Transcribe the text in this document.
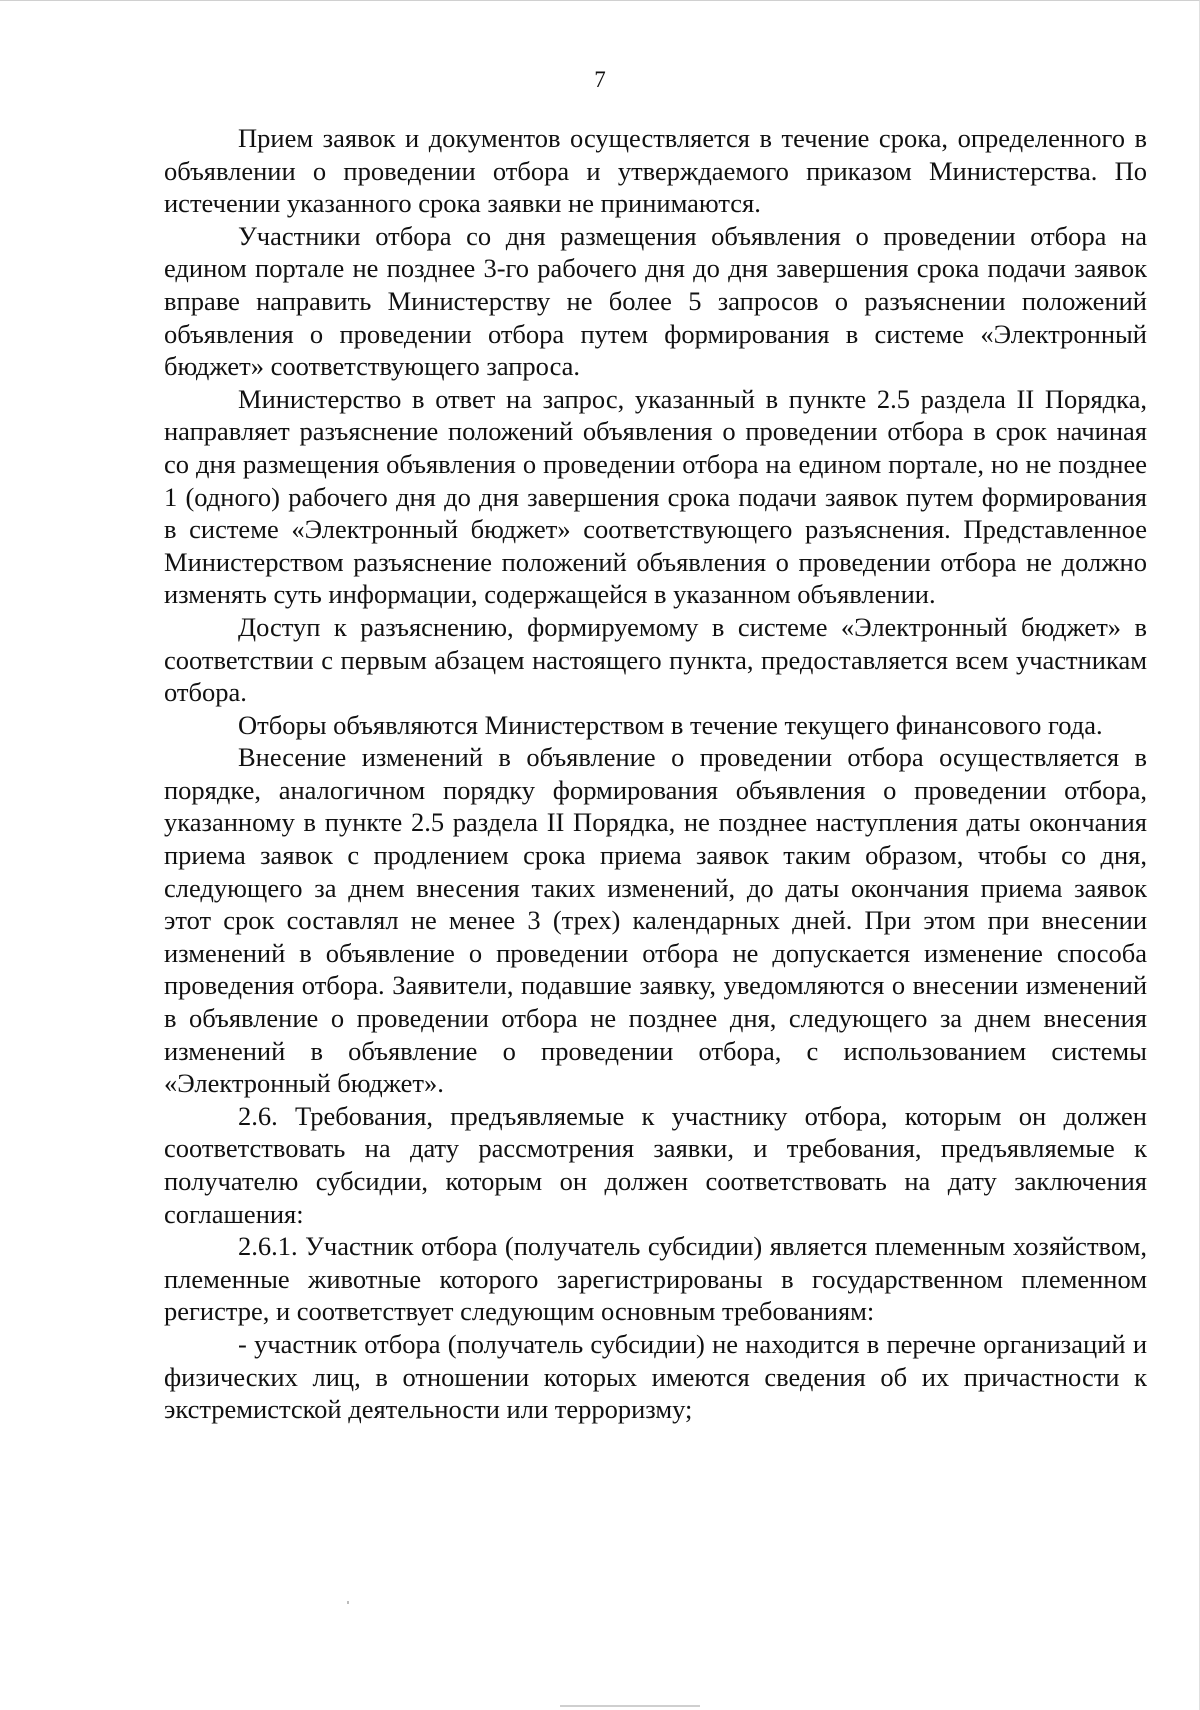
7

Прием заявок и документов осуществляется в течение срока, определенного в объявлении о проведении отбора и утверждаемого приказом Министерства. По истечении указанного срока заявки не принимаются.

Участники отбора со дня размещения объявления о проведении отбора на едином портале не позднее 3-го рабочего дня до дня завершения срока подачи заявок вправе направить Министерству не более 5 запросов о разъяснении положений объявления о проведении отбора путем формирования в системе «Электронный бюджет» соответствующего запроса.

Министерство в ответ на запрос, указанный в пункте 2.5 раздела II Порядка, направляет разъяснение положений объявления о проведении отбора в срок начиная со дня размещения объявления о проведении отбора на едином портале, но не позднее 1 (одного) рабочего дня до дня завершения срока подачи заявок путем формирования в системе «Электронный бюджет» соответствующего разъяснения. Представленное Министерством разъяснение положений объявления о проведении отбора не должно изменять суть информации, содержащейся в указанном объявлении.

Доступ к разъяснению, формируемому в системе «Электронный бюджет» в соответствии с первым абзацем настоящего пункта, предоставляется всем участникам отбора.

Отборы объявляются Министерством в течение текущего финансового года.

Внесение изменений в объявление о проведении отбора осуществляется в порядке, аналогичном порядку формирования объявления о проведении отбора, указанному в пункте 2.5 раздела II Порядка, не позднее наступления даты окончания приема заявок с продлением срока приема заявок таким образом, чтобы со дня, следующего за днем внесения таких изменений, до даты окончания приема заявок этот срок составлял не менее 3 (трех) календарных дней. При этом при внесении изменений в объявление о проведении отбора не допускается изменение способа проведения отбора. Заявители, подавшие заявку, уведомляются о внесении изменений в объявление о проведении отбора не позднее дня, следующего за днем внесения изменений в объявление о проведении отбора, с использованием системы «Электронный бюджет».

2.6. Требования, предъявляемые к участнику отбора, которым он должен соответствовать на дату рассмотрения заявки, и требования, предъявляемые к получателю субсидии, которым он должен соответствовать на дату заключения соглашения:

2.6.1. Участник отбора (получатель субсидии) является племенным хозяйством, племенные животные которого зарегистрированы в государственном племенном регистре, и соответствует следующим основным требованиям:

- участник отбора (получатель субсидии) не находится в перечне организаций и физических лиц, в отношении которых имеются сведения об их причастности к экстремистской деятельности или терроризму;
